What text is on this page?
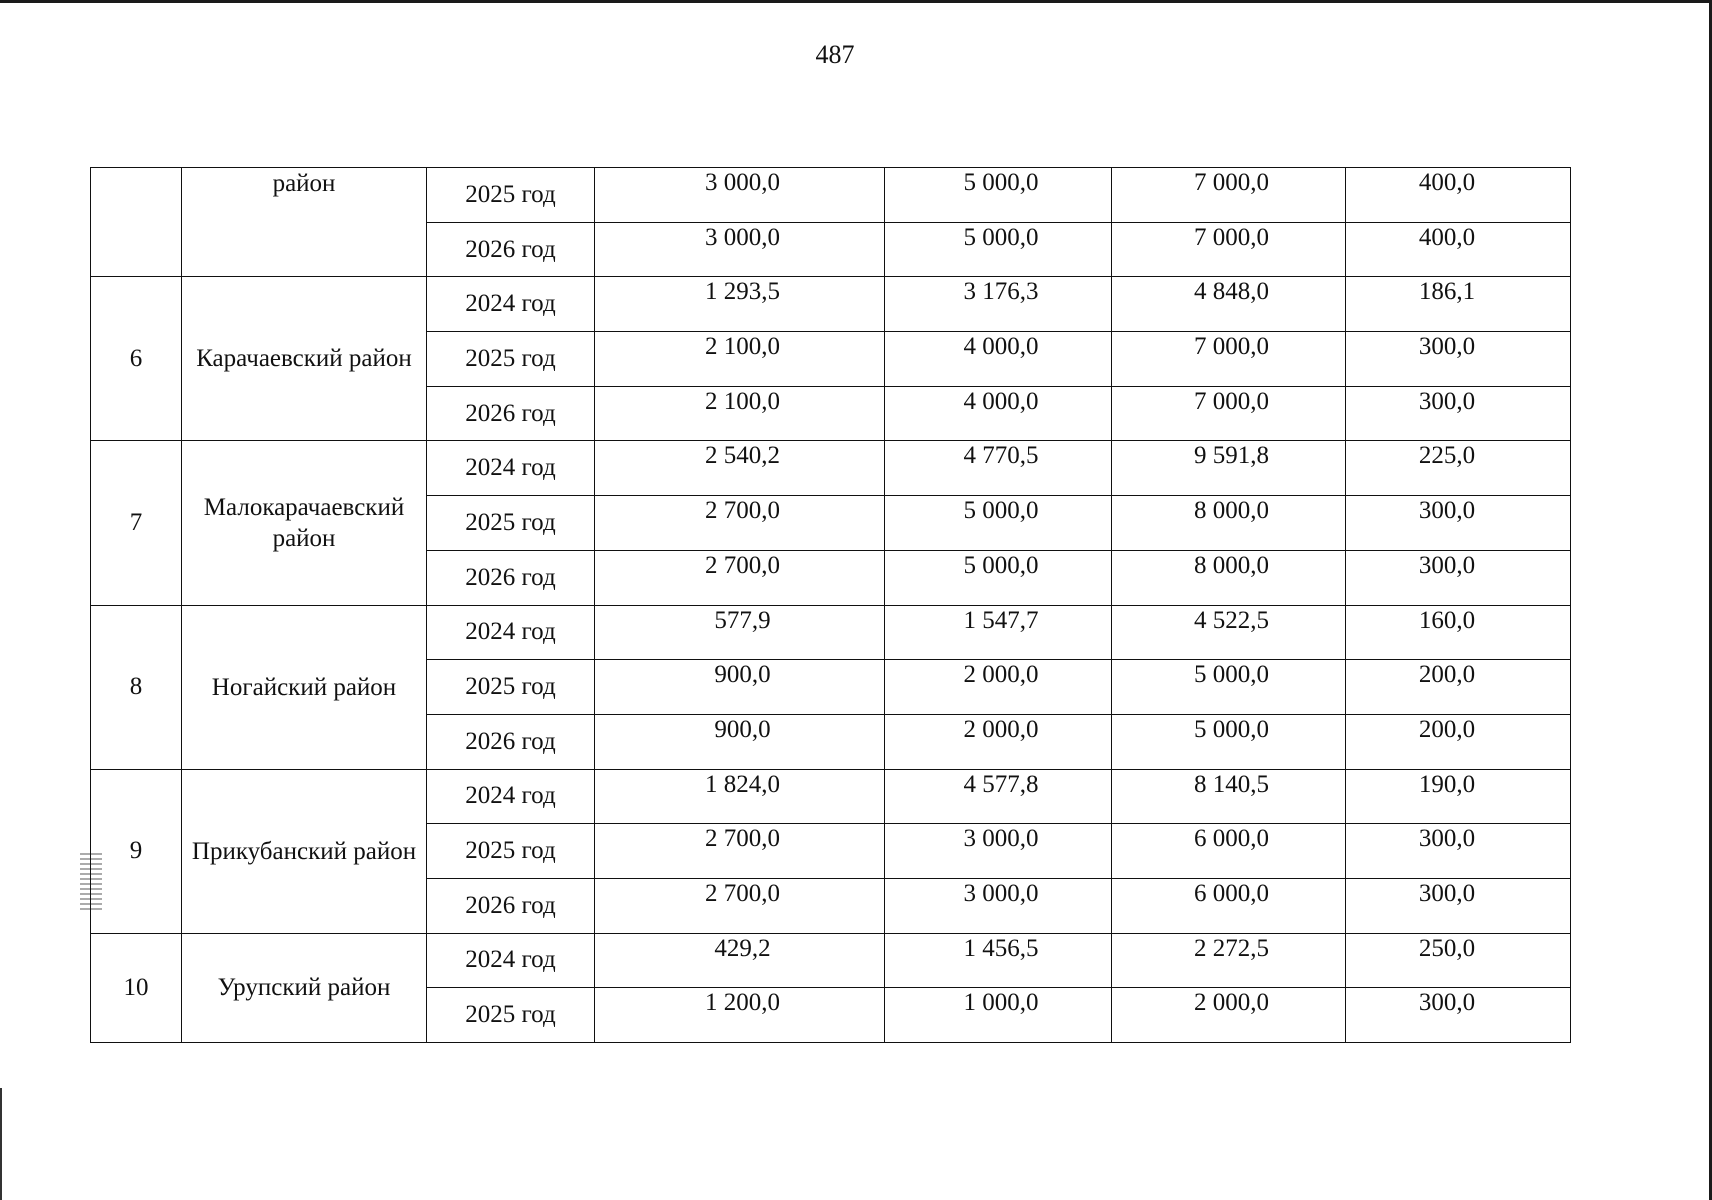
487
	район	2025 год	3 000,0	5 000,0	7 000,0	400,0
		2026 год	3 000,0	5 000,0	7 000,0	400,0
6	Карачаевский район	2024 год	1 293,5	3 176,3	4 848,0	186,1
		2025 год	2 100,0	4 000,0	7 000,0	300,0
		2026 год	2 100,0	4 000,0	7 000,0	300,0
7	Малокарачаевский район	2024 год	2 540,2	4 770,5	9 591,8	225,0
		2025 год	2 700,0	5 000,0	8 000,0	300,0
		2026 год	2 700,0	5 000,0	8 000,0	300,0
8	Ногайский район	2024 год	577,9	1 547,7	4 522,5	160,0
		2025 год	900,0	2 000,0	5 000,0	200,0
		2026 год	900,0	2 000,0	5 000,0	200,0
9	Прикубанский район	2024 год	1 824,0	4 577,8	8 140,5	190,0
		2025 год	2 700,0	3 000,0	6 000,0	300,0
		2026 год	2 700,0	3 000,0	6 000,0	300,0
10	Урупский район	2024 год	429,2	1 456,5	2 272,5	250,0
		2025 год	1 200,0	1 000,0	2 000,0	300,0
